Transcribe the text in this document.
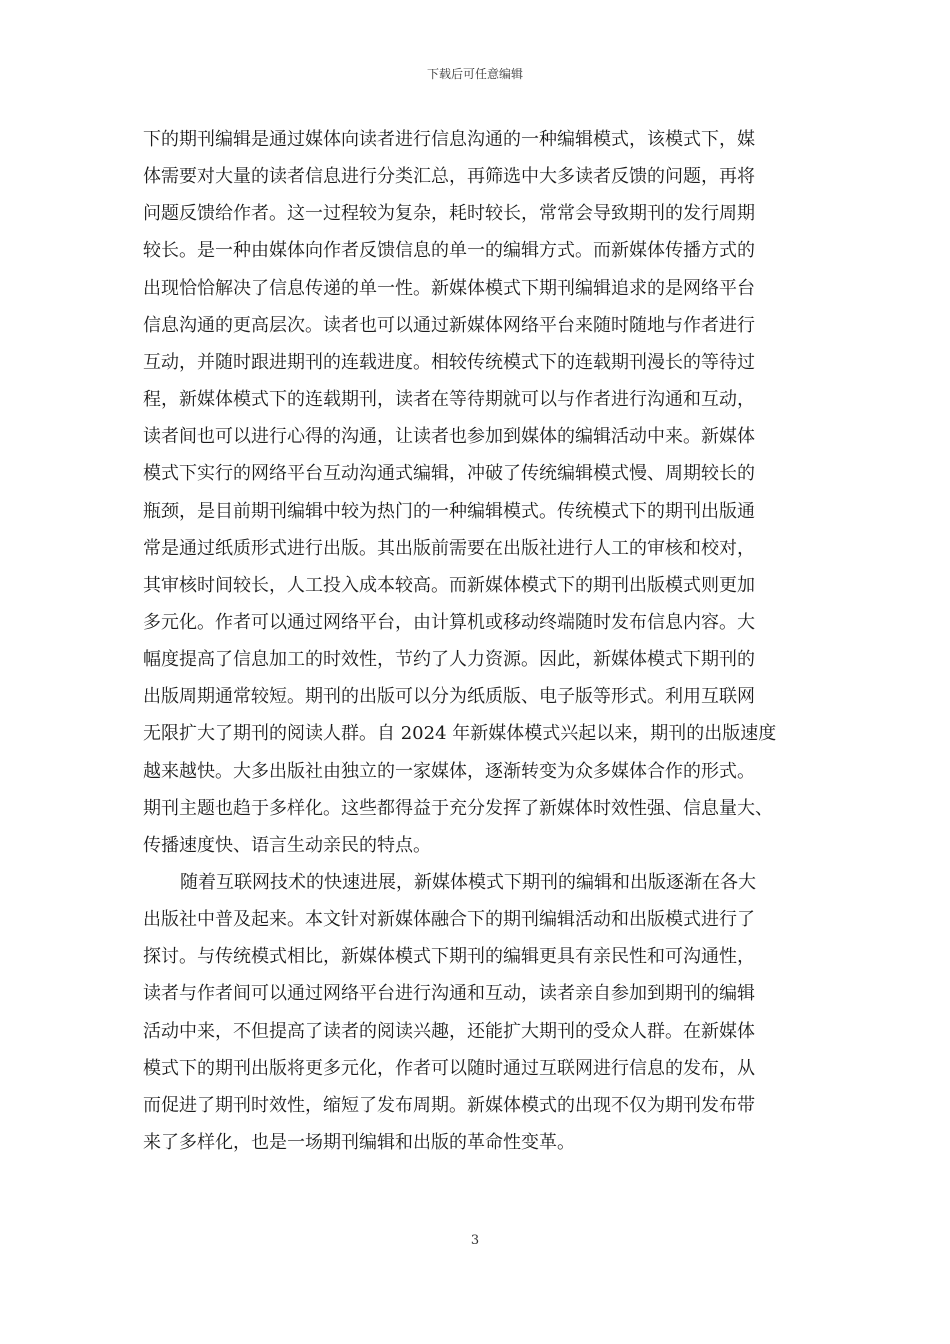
下载后可任意编辑
下的期刊编辑是通过媒体向读者进行信息沟通的一种编辑模式，该模式下，媒
体需要对大量的读者信息进行分类汇总，再筛选中大多读者反馈的问题，再将
问题反馈给作者。这一过程较为复杂，耗时较长，常常会导致期刊的发行周期
较长。是一种由媒体向作者反馈信息的单一的编辑方式。而新媒体传播方式的
出现恰恰解决了信息传递的单一性。新媒体模式下期刊编辑追求的是网络平台
信息沟通的更高层次。读者也可以通过新媒体网络平台来随时随地与作者进行
互动，并随时跟进期刊的连载进度。相较传统模式下的连载期刊漫长的等待过
程，新媒体模式下的连载期刊，读者在等待期就可以与作者进行沟通和互动，
读者间也可以进行心得的沟通，让读者也参加到媒体的编辑活动中来。新媒体
模式下实行的网络平台互动沟通式编辑，冲破了传统编辑模式慢、周期较长的
瓶颈，是目前期刊编辑中较为热门的一种编辑模式。传统模式下的期刊出版通
常是通过纸质形式进行出版。其出版前需要在出版社进行人工的审核和校对，
其审核时间较长，人工投入成本较高。而新媒体模式下的期刊出版模式则更加
多元化。作者可以通过网络平台，由计算机或移动终端随时发布信息内容。大
幅度提高了信息加工的时效性，节约了人力资源。因此，新媒体模式下期刊的
出版周期通常较短。期刊的出版可以分为纸质版、电子版等形式。利用互联网
无限扩大了期刊的阅读人群。自 2024 年新媒体模式兴起以来，期刊的出版速度
越来越快。大多出版社由独立的一家媒体，逐渐转变为众多媒体合作的形式。
期刊主题也趋于多样化。这些都得益于充分发挥了新媒体时效性强、信息量大、
传播速度快、语言生动亲民的特点。
随着互联网技术的快速进展，新媒体模式下期刊的编辑和出版逐渐在各大
出版社中普及起来。本文针对新媒体融合下的期刊编辑活动和出版模式进行了
探讨。与传统模式相比，新媒体模式下期刊的编辑更具有亲民性和可沟通性，
读者与作者间可以通过网络平台进行沟通和互动，读者亲自参加到期刊的编辑
活动中来，不但提高了读者的阅读兴趣，还能扩大期刊的受众人群。在新媒体
模式下的期刊出版将更多元化，作者可以随时通过互联网进行信息的发布，从
而促进了期刊时效性，缩短了发布周期。新媒体模式的出现不仅为期刊发布带
来了多样化，也是一场期刊编辑和出版的革命性变革。
3
